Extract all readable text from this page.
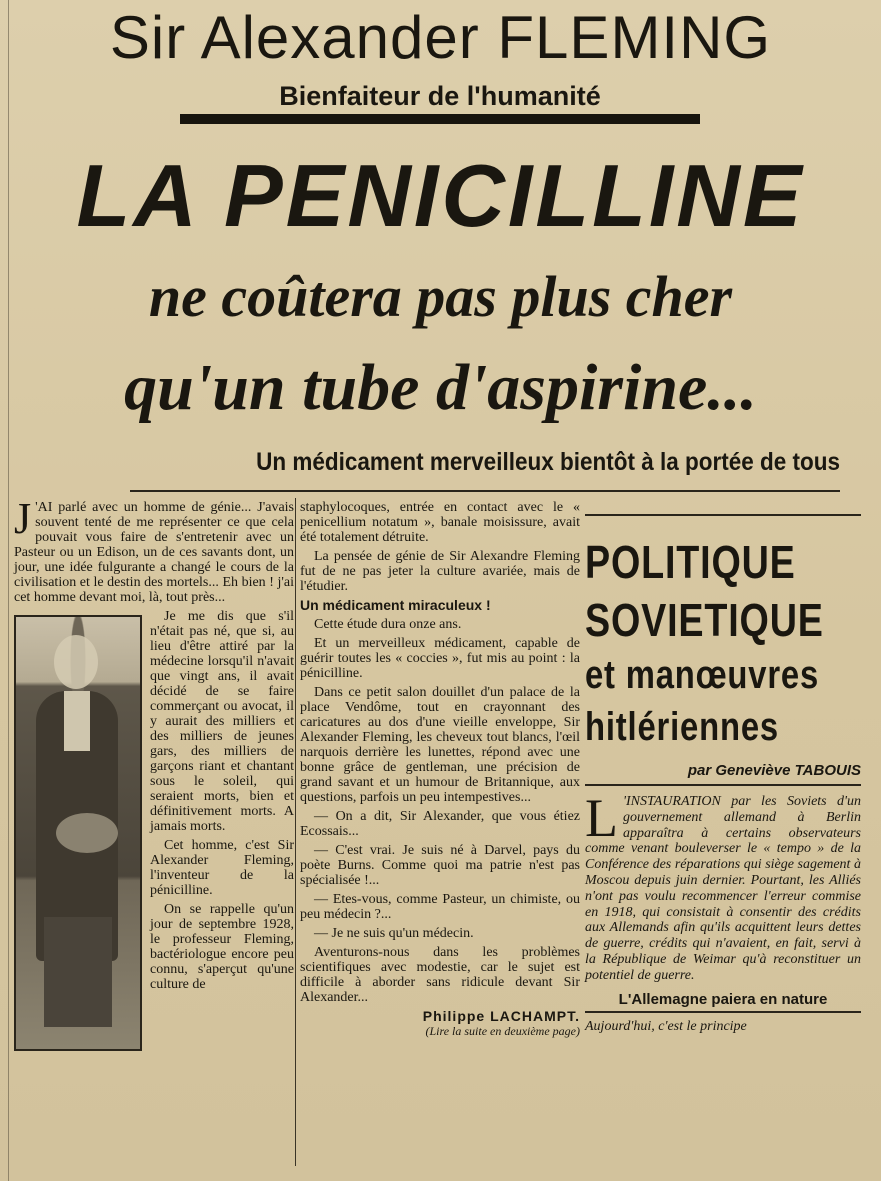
Sir Alexander FLEMING
Bienfaiteur de l'humanité
LA PENICILLINE
ne coûtera pas plus cher
qu'un tube d'aspirine...
Un médicament merveilleux bientôt à la portée de tous

J 'AI parlé avec un homme de génie... J'avais souvent tenté de me représenter ce que cela pouvait vous faire de s'entretenir avec un Pasteur ou un Edison, un de ces savants dont, un jour, une idée fulgurante a changé le cours de la civilisation et le destin des mortels... Eh bien ! j'ai cet homme devant moi, là, tout près...

Je me dis que s'il n'était pas né, que si, au lieu d'être attiré par la médecine lorsqu'il n'avait que vingt ans, il avait décidé de se faire commerçant ou avocat, il y aurait des milliers et des milliers de jeunes gars, des milliers de garçons riant et chantant sous le soleil, qui seraient morts, bien et définitivement morts. A jamais morts.

Cet homme, c'est Sir Alexander Fleming, l'inventeur de la pénicilline.

On se rappelle qu'un jour de septembre 1928, le professeur Fleming, bactériologue encore peu connu, s'aperçut qu'une culture de

staphylocoques, entrée en contact avec le « penicellium notatum », banale moisissure, avait été totalement détruite.

La pensée de génie de Sir Alexandre Fleming fut de ne pas jeter la culture avariée, mais de l'étudier.

Un médicament miraculeux !

Cette étude dura onze ans.

Et un merveilleux médicament, capable de guérir toutes les « coccies », fut mis au point : la pénicilline.

Dans ce petit salon douillet d'un palace de la place Vendôme, tout en crayonnant des caricatures au dos d'une vieille enveloppe, Sir Alexander Fleming, les cheveux tout blancs, l'œil narquois derrière les lunettes, répond avec une bonne grâce de gentleman, une précision de grand savant et un humour de Britannique, aux questions, parfois un peu intempestives...

— On a dit, Sir Alexander, que vous étiez Ecossais...

— C'est vrai. Je suis né à Darvel, pays du poète Burns. Comme quoi ma patrie n'est pas spécialisée !...

— Etes-vous, comme Pasteur, un chimiste, ou peu médecin ?...

— Je ne suis qu'un médecin.

Aventurons-nous dans les problèmes scientifiques avec modestie, car le sujet est difficile à aborder sans ridicule devant Sir Alexander...

Philippe LACHAMPT.
(Lire la suite en deuxième page)
POLITIQUE
SOVIETIQUE
et manœuvres
hitlériennes
par Geneviève TABOUIS
L 'INSTAURATION par les Soviets d'un gouvernement allemand à Berlin apparaîtra à certains observateurs comme venant bouleverser le « tempo » de la Conférence des réparations qui siège sagement à Moscou depuis juin dernier. Pourtant, les Alliés n'ont pas voulu recommencer l'erreur commise en 1918, qui consistait à consentir des crédits aux Allemands afin qu'ils acquittent leurs dettes de guerre, crédits qui n'avaient, en fait, servi à la République de Weimar qu'à reconstituer un potentiel de guerre.
L'Allemagne paiera en nature
Aujourd'hui, c'est le principe
